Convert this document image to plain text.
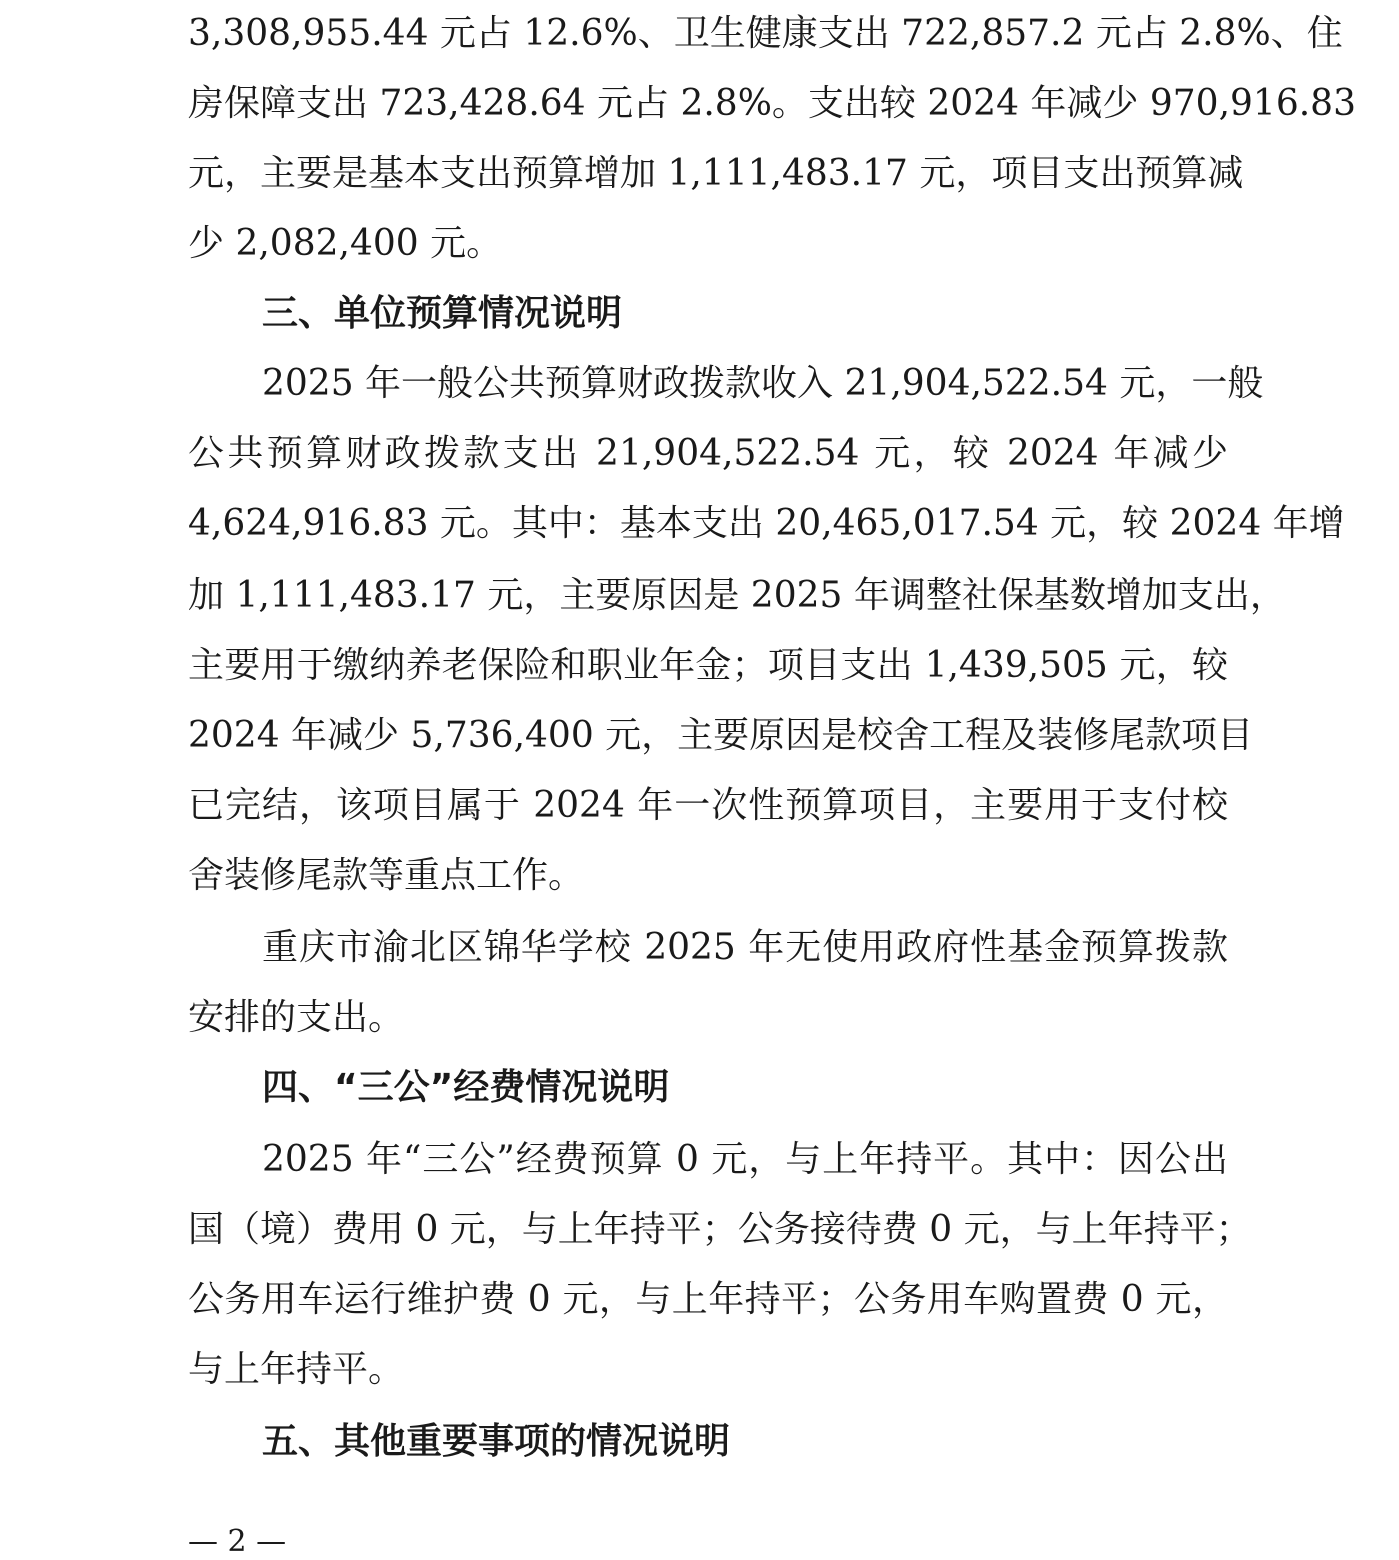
3,308,955.44 元占 12.6%、卫生健康支出 722,857.2 元占 2.8%、住
房保障支出 723,428.64 元占 2.8%。支出较 2024 年减少 970,916.83
元，主要是基本支出预算增加 1,111,483.17 元，项目支出预算减
少 2,082,400 元。
三、单位预算情况说明
2025 年一般公共预算财政拨款收入 21,904,522.54 元，一般
公共预算财政拨款支出 21,904,522.54 元，较 2024 年减少
4,624,916.83 元。其中：基本支出 20,465,017.54 元，较 2024 年增
加 1,111,483.17 元，主要原因是 2025 年调整社保基数增加支出，
主要用于缴纳养老保险和职业年金；项目支出 1,439,505 元，较
2024 年减少 5,736,400 元，主要原因是校舍工程及装修尾款项目
已完结，该项目属于 2024 年一次性预算项目，主要用于支付校
舍装修尾款等重点工作。
重庆市渝北区锦华学校 2025 年无使用政府性基金预算拨款
安排的支出。
四、“三公”经费情况说明
2025 年“三公”经费预算 0 元，与上年持平。其中：因公出
国（境）费用 0 元，与上年持平；公务接待费 0 元，与上年持平；
公务用车运行维护费 0 元，与上年持平；公务用车购置费 0 元，
与上年持平。
五、其他重要事项的情况说明
— 2 —
